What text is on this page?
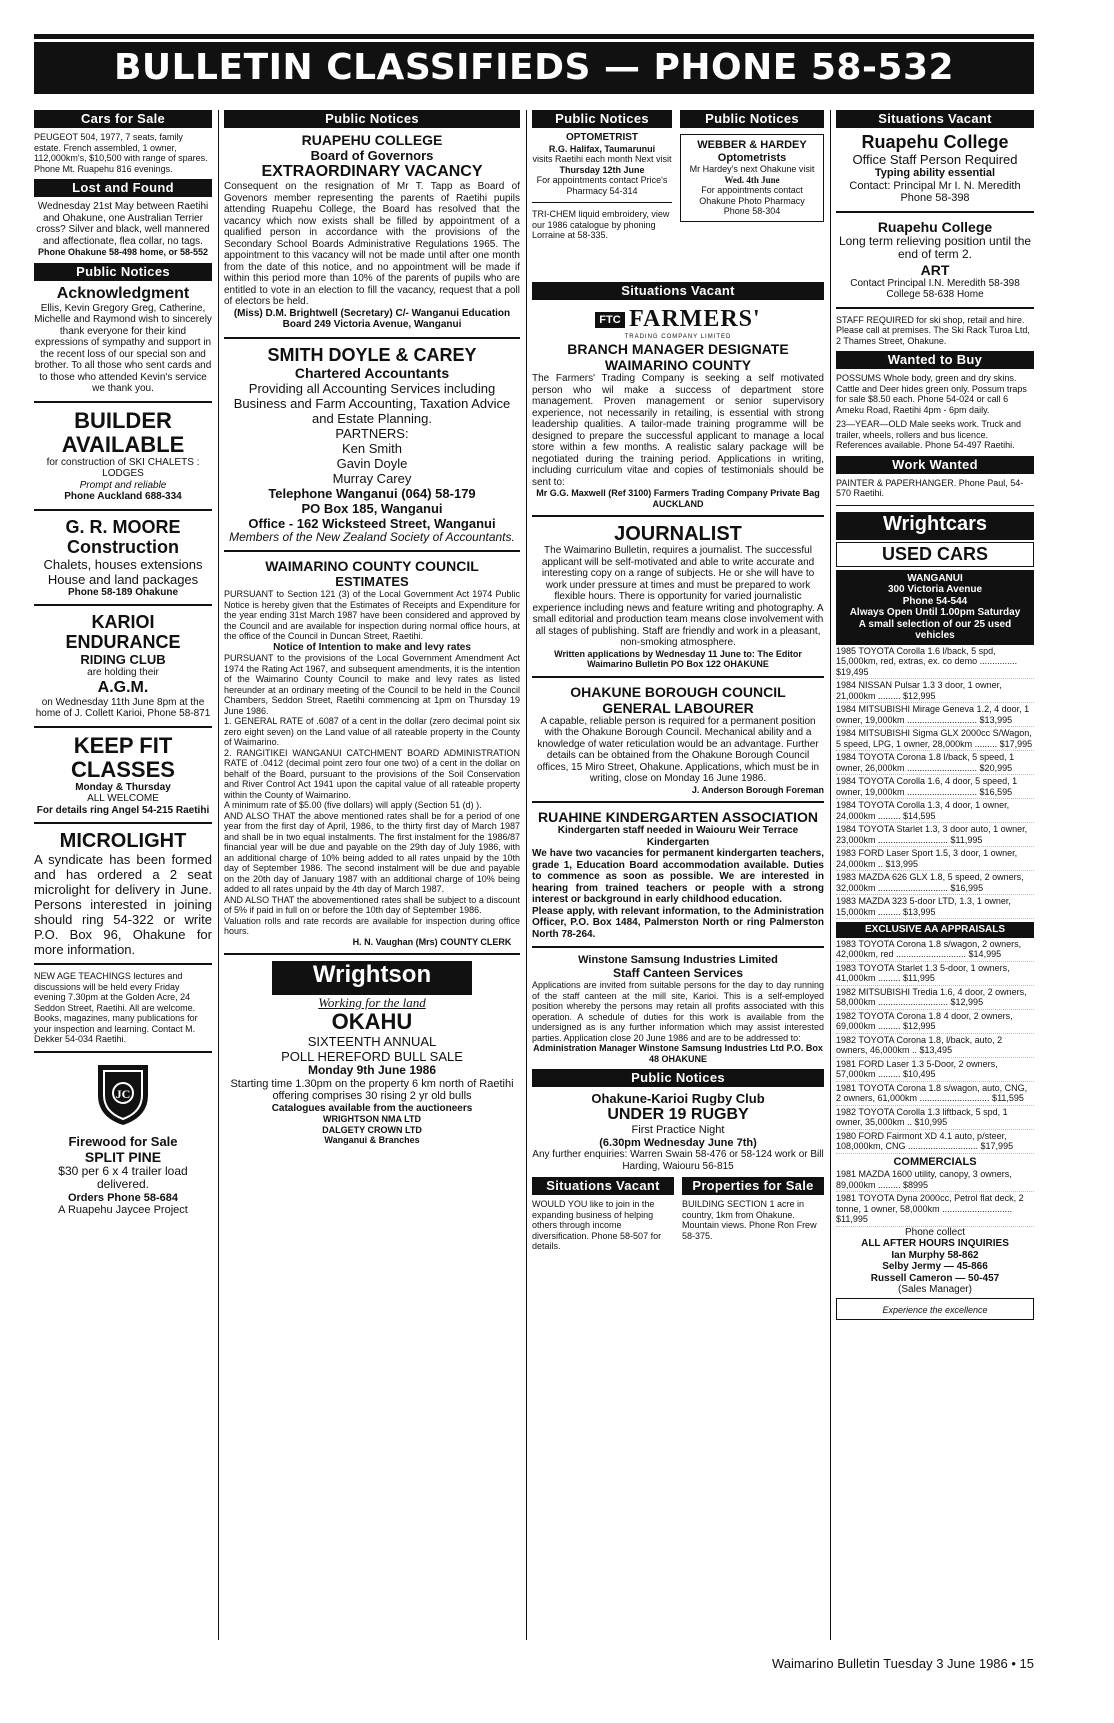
BULLETIN CLASSIFIEDS — PHONE 58-532
Cars for Sale

PEUGEOT 504, 1977, 7 seats, family estate. French assembled, 1 owner, 112,000km's, $10,500 with range of spares. Phone Mt. Ruapehu 816 evenings.

Lost and Found

Wednesday 21st May between Raetihi and Ohakune, one Australian Terrier cross? Silver and black, well mannered and affectionate, flea collar, no tags.

Phone Ohakune 58-498 home, or 58-552

Public Notices

Acknowledgment

Ellis, Kevin Gregory Greg, Catherine, Michelle and Raymond wish to sincerely thank everyone for their kind expressions of sympathy and support in the recent loss of our special son and brother. To all those who sent cards and to those who attended Kevin's service we thank you.

BUILDER AVAILABLE

for construction of SKI CHALETS : LODGES

Prompt and reliable

Phone Auckland 688-334

G. R. MOORE

Construction

Chalets, houses extensions House and land packages

Phone 58-189 Ohakune

KARIOI ENDURANCE

RIDING CLUB

are holding their

A.G.M.

on Wednesday 11th June 8pm at the home of J. Collett Karioi, Phone 58-871

KEEP FIT CLASSES

Monday & Thursday

ALL WELCOME

For details ring Angel 54-215 Raetihi

MICROLIGHT

A syndicate has been formed and has ordered a 2 seat microlight for delivery in June. Persons interested in joining should ring 54-322 or write P.O. Box 96, Ohakune for more information.

NEW AGE TEACHINGS lectures and discussions will be held every Friday evening 7.30pm at the Golden Acre, 24 Seddon Street, Raetihi. All are welcome. Books, magazines, many publications for your inspection and learning. Contact M. Dekker 54-034 Raetihi.

JC

Firewood for Sale

SPLIT PINE

$30 per 6 x 4 trailer load delivered.

Orders Phone 58-684

A Ruapehu Jaycee Project

Public Notices

RUAPEHU COLLEGE

Board of Governors

EXTRAORDINARY VACANCY

Consequent on the resignation of Mr T. Tapp as Board of Govenors member representing the parents of Raetihi pupils attending Ruapehu College, the Board has resolved that the vacancy which now exists shall be filled by appointment of a qualified person in accordance with the provisions of the Secondary School Boards Administrative Regulations 1965. The appointment to this vacancy will not be made until after one month from the date of this notice, and no appointment will be made if within this period more than 10% of the parents of pupils who are entitled to vote in an election to fill the vacancy, request that a poll of electors be held.

(Miss) D.M. Brightwell (Secretary) C/- Wanganui Education Board 249 Victoria Avenue, Wanganui

SMITH DOYLE & CAREY

Chartered Accountants

Providing all Accounting Services including Business and Farm Accounting, Taxation Advice and Estate Planning.

PARTNERS:

Ken Smith

Gavin Doyle

Murray Carey

Telephone Wanganui (064) 58-179

PO Box 185, Wanganui

Office - 162 Wicksteed Street, Wanganui

Members of the New Zealand Society of Accountants.

WAIMARINO COUNTY COUNCIL

ESTIMATES

PURSUANT to Section 121 (3) of the Local Government Act 1974 Public Notice is hereby given that the Estimates of Receipts and Expenditure for the year ending 31st March 1987 have been considered and approved by the Council and are available for inspection during normal office hours, at the office of the Council in Duncan Street, Raetihi.

Notice of Intention to make and levy rates

PURSUANT to the provisions of the Local Government Amendment Act 1974 the Rating Act 1967, and subsequent amendments, it is the intention of the Waimarino County Council to make and levy rates as listed hereunder at an ordinary meeting of the Council to be held in the Council Chambers, Seddon Street, Raetihi commencing at 1pm on Thursday 19 June 1986.

1. GENERAL RATE of .6087 of a cent in the dollar (zero decimal point six zero eight seven) on the Land value of all rateable property in the County of Waimarino.

2. RANGITIKEI WANGANUI CATCHMENT BOARD ADMINISTRATION RATE of .0412 (decimal point zero four one two) of a cent in the dollar on behalf of the Board, pursuant to the provisions of the Soil Conservation and River Control Act 1941 upon the capital value of all rateable property within the County of Waimarino.

A minimum rate of $5.00 (five dollars) will apply (Section 51 (d) ).

AND ALSO THAT the above mentioned rates shall be for a period of one year from the first day of April, 1986, to the thirty first day of March 1987 and shall be in two equal instalments. The first instalment for the 1986/87 financial year will be due and payable on the 29th day of July 1986, with an additional charge of 10% being added to all rates unpaid by the 10th day of September 1986. The second instalment will be due and payable on the 20th day of January 1987 with an additional charge of 10% being added to all rates unpaid by the 4th day of March 1987.

AND ALSO THAT the abovementioned rates shall be subject to a discount of 5% if paid in full on or before the 10th day of September 1986.

Valuation rolls and rate records are available for inspection during office hours.

H. N. Vaughan (Mrs) COUNTY CLERK

Wrightson

Working for the land

OKAHU

SIXTEENTH ANNUAL

POLL HEREFORD BULL SALE

Monday 9th June 1986

Starting time 1.30pm on the property 6 km north of Raetihi offering comprises 30 rising 2 yr old bulls

Catalogues available from the auctioneers

WRIGHTSON NMA LTD

DALGETY CROWN LTD

Wanganui & Branches

Public Notices

OPTOMETRIST

R.G. Halifax, Taumarunui

visits Raetihi each month Next visit

Thursday 12th June

For appointments contact Price's Pharmacy 54-314

TRI-CHEM liquid embroidery, view our 1986 catalogue by phoning Lorraine at 58-335.

Public Notices

WEBBER & HARDEY

Optometrists

Mr Hardey's next Ohakune visit

Wed. 4th June

For appointments contact Ohakune Photo Pharmacy Phone 58-304

Situations Vacant
FTC FARMERS'

TRADING COMPANY LIMITED

BRANCH MANAGER DESIGNATE WAIMARINO COUNTY

The Farmers' Trading Company is seeking a self motivated person who wil make a success of department store management. Proven management or senior supervisory experience, not necessarily in retailing, is essential with strong leadership qualities. A tailor-made training programme will be designed to prepare the successful applicant to manage a local store within a few months. A realistic salary package will be negotiated during the training period. Applications in writing, including curriculum vitae and copies of testimonials should be sent to:

Mr G.G. Maxwell (Ref 3100) Farmers Trading Company Private Bag AUCKLAND

JOURNALIST

The Waimarino Bulletin, requires a journalist. The successful applicant will be self-motivated and able to write accurate and interesting copy on a range of subjects. He or she will have to work under pressure at times and must be prepared to work flexible hours. There is opportunity for varied journalistic experience including news and feature writing and photography. A small editorial and production team means close involvement with all stages of publishing. Staff are friendly and work in a pleasant, non-smoking atmosphere.

Written applications by Wednesday 11 June to: The Editor Waimarino Bulletin PO Box 122 OHAKUNE

OHAKUNE BOROUGH COUNCIL

GENERAL LABOURER

A capable, reliable person is required for a permanent position with the Ohakune Borough Council. Mechanical ability and a knowledge of water reticulation would be an advantage. Further details can be obtained from the Ohakune Borough Council offices, 15 Miro Street, Ohakune. Applications, which must be in writing, close on Monday 16 June 1986.

J. Anderson Borough Foreman

RUAHINE KINDERGARTEN ASSOCIATION

Kindergarten staff needed in Waiouru Weir Terrace Kindergarten

We have two vacancies for permanent kindergarten teachers, grade 1, Education Board accommodation available. Duties to commence as soon as possible. We are interested in hearing from trained teachers or people with a strong interest or background in early childhood education.

Please apply, with relevant information, to the Administration Officer, P.O. Box 1484, Palmerston North or ring Palmerston North 78-264.

Winstone Samsung Industries Limited

Staff Canteen Services

Applications are invited from suitable persons for the day to day running of the staff canteen at the mill site, Karioi. This is a self-employed position whereby the persons may retain all profits associated with this operation. A schedule of duties for this work is available from the undersigned as is any further information which may assist interested parties. Application close 20 June 1986 and are to be addressed to:

Administration Manager Winstone Samsung Industries Ltd P.O. Box 48 OHAKUNE

Public Notices

Ohakune-Karioi Rugby Club

UNDER 19 RUGBY

First Practice Night

(6.30pm Wednesday June 7th)

Any further enquiries: Warren Swain 58-476 or 58-124 work or Bill Harding, Waiouru 56-815

Situations Vacant

WOULD YOU like to join in the expanding business of helping others through income diversification. Phone 58-507 for details.

Properties for Sale

BUILDING SECTION 1 acre in country, 1km from Ohakune. Mountain views. Phone Ron Frew 58-375.

Situations Vacant

Ruapehu College

Office Staff Person Required

Typing ability essential

Contact: Principal Mr I. N. Meredith Phone 58-398

Ruapehu College

Long term relieving position until the end of term 2.

ART

Contact Principal I.N. Meredith 58-398 College 58-638 Home

STAFF REQUIRED for ski shop, retail and hire. Please call at premises. The Ski Rack Turoa Ltd, 2 Thames Street, Ohakune.

Wanted to Buy

POSSUMS Whole body, green and dry skins. Cattle and Deer hides green only. Possum traps for sale $8.50 each. Phone 54-024 or call 6 Ameku Road, Raetihi 4pm - 6pm daily.

23—YEAR—OLD Male seeks work. Truck and trailer, wheels, rollers and bus licence. References available. Phone 54-497 Raetihi.

Work Wanted

PAINTER & PAPERHANGER. Phone Paul, 54-570 Raetihi.

Wrightcars
USED CARS

WANGANUI

300 Victoria Avenue

Phone 54-544

Always Open Until 1.00pm Saturday

A small selection of our 25 used vehicles

1985 TOYOTA Corolla 1.6 l/back, 5 spd, 15,000km, red, extras, ex. co demo ............... $19,495
1984 NISSAN Pulsar 1.3 3 door, 1 owner, 21,000km ......... $12,995
1984 MITSUBISHI Mirage Geneva 1.2, 4 door, 1 owner, 19,000km ............................ $13,995
1984 MITSUBISHI Sigma GLX 2000cc S/Wagon, 5 speed, LPG, 1 owner, 28,000km ......... $17,995
1984 TOYOTA Corona 1.8 l/back, 5 speed, 1 owner, 26,000km ............................ $20,995
1984 TOYOTA Corolla 1.6, 4 door, 5 speed, 1 owner, 19,000km ............................ $16,595
1984 TOYOTA Corolla 1.3, 4 door, 1 owner, 24,000km ......... $14,595
1984 TOYOTA Starlet 1.3, 3 door auto, 1 owner, 23,000km ............................ $11,995
1983 FORD Laser Sport 1.5, 3 door, 1 owner, 24,000km .. $13,995
1983 MAZDA 626 GLX 1.8, 5 speed, 2 owners, 32,000km ............................ $16,995
1983 MAZDA 323 5-door LTD, 1.3, 1 owner, 15,000km ......... $13,995

EXCLUSIVE AA APPRAISALS

1983 TOYOTA Corona 1.8 s/wagon, 2 owners, 42,000km, red ............................ $14,995
1983 TOYOTA Starlet 1.3 5-door, 1 owners, 41,000km ......... $11,995
1982 MITSUBISHI Tredia 1.6, 4 door, 2 owners, 58,000km ............................ $12,995
1982 TOYOTA Corona 1.8 4 door, 2 owners, 69,000km ......... $12,995
1982 TOYOTA Corona 1.8, l/back, auto, 2 owners, 46,000km .. $13,495
1981 FORD Laser 1.3 5-Door, 2 owners, 57,000km ......... $10,495
1981 TOYOTA Corona 1.8 s/wagon, auto, CNG, 2 owners, 61,000km ............................ $11,595
1982 TOYOTA Corolla 1.3 liftback, 5 spd, 1 owner, 35,000km .. $10,995
1980 FORD Fairmont XD 4.1 auto, p/steer, 108,000km, CNG ............................ $17,995

COMMERCIALS

1981 MAZDA 1600 utility, canopy, 3 owners, 89,000km ......... $8995
1981 TOYOTA Dyna 2000cc, Petrol flat deck, 2 tonne, 1 owner, 58,000km ............................ $11,995

Phone collect

ALL AFTER HOURS INQUIRIES

Ian Murphy 58-862

Selby Jermy — 45-866

Russell Cameron — 50-457

(Sales Manager)

Experience the excellence
Waimarino Bulletin Tuesday 3 June 1986 • 15
